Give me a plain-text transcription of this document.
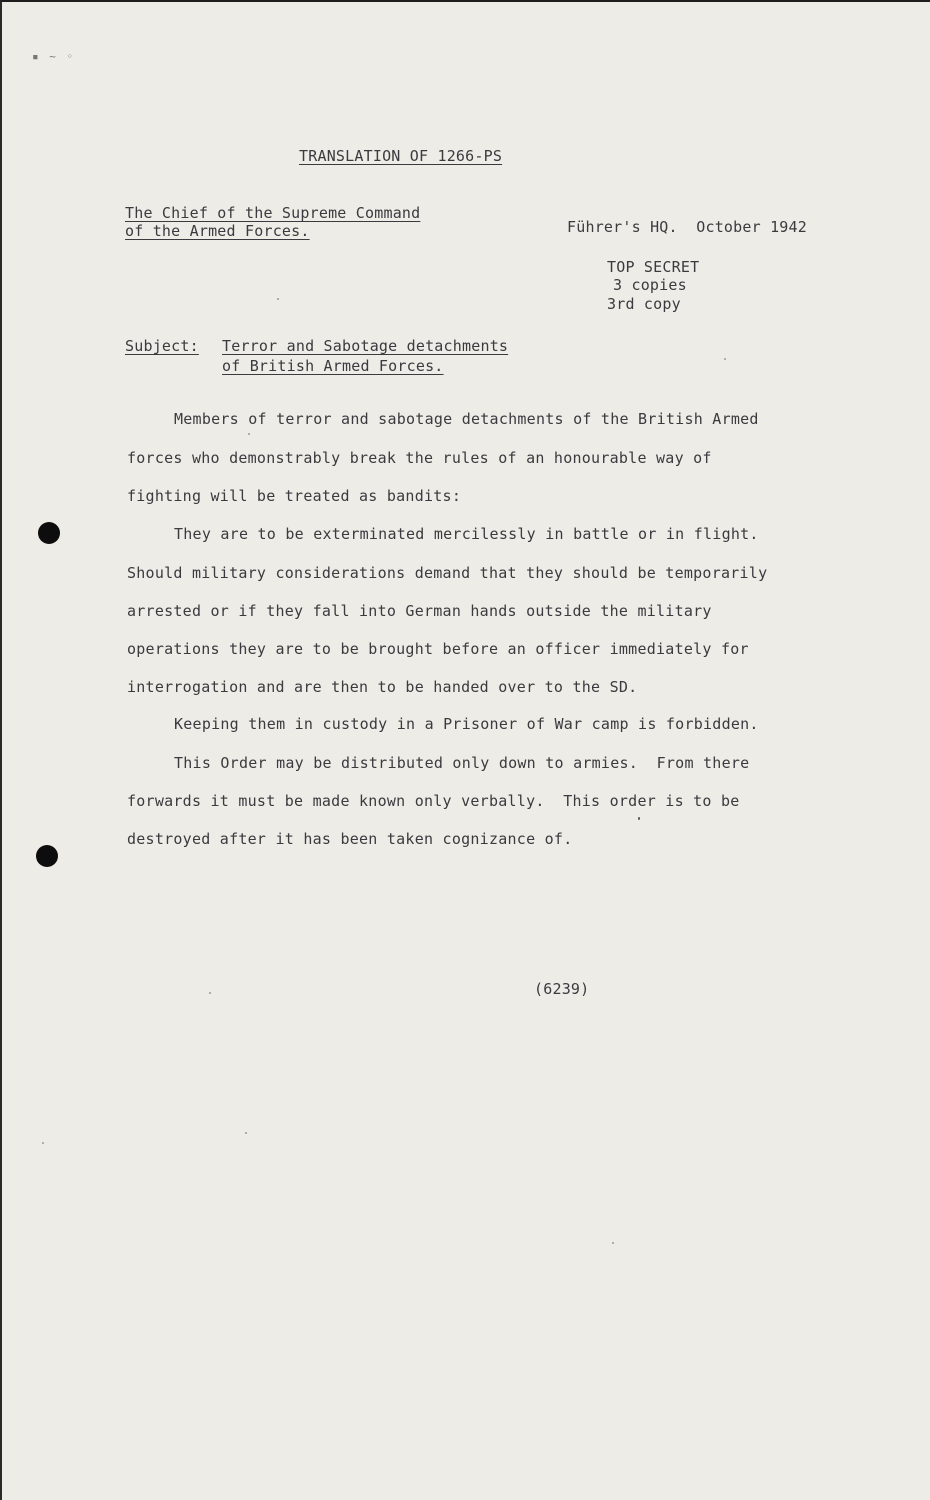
▪ ~ ◦
TRANSLATION OF 1266-PS
The Chief of the Supreme Command
of the Armed Forces.	Führer's HQ.  October 1942
TOP SECRET
3 copies
3rd copy
Subject: Terror and Sabotage detachments
of British Armed Forces.
Members of terror and sabotage detachments of the British Armed
forces who demonstrably break the rules of an honourable way of
fighting will be treated as bandits:
They are to be exterminated mercilessly in battle or in flight.
Should military considerations demand that they should be temporarily
arrested or if they fall into German hands outside the military
operations they are to be brought before an officer immediately for
interrogation and are then to be handed over to the SD.
Keeping them in custody in a Prisoner of War camp is forbidden.
This Order may be distributed only down to armies.  From there
forwards it must be made known only verbally.  This order is to be
destroyed after it has been taken cognizance of.
(6239)
